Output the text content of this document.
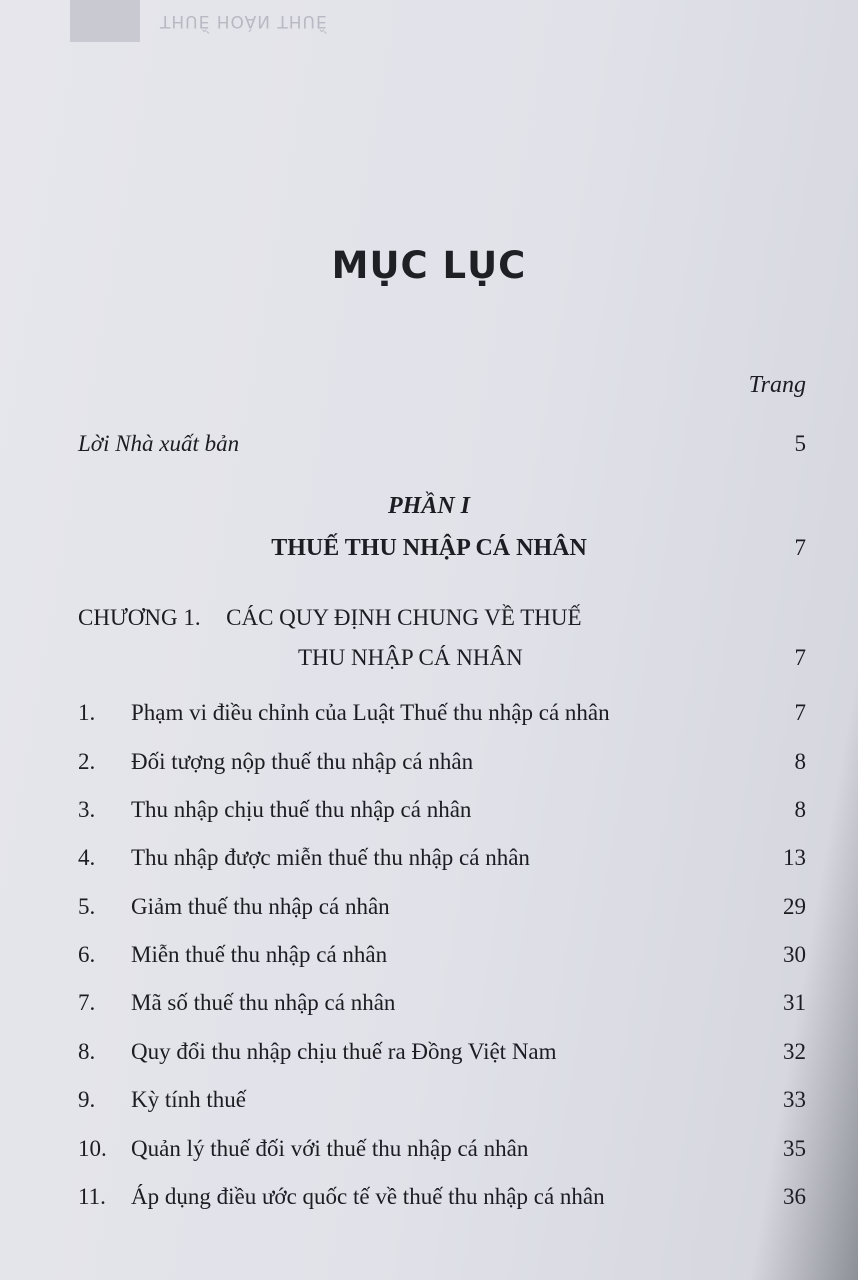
THUẾ HOÀN THUẾ
MỤC LỤC
Trang
Lời Nhà xuất bản	5
PHẦN I
THUẾ THU NHẬP CÁ NHÂN	7
CHƯƠNG 1. CÁC QUY ĐỊNH CHUNG VỀ THUẾ
THU NHẬP CÁ NHÂN	7
1.	Phạm vi điều chỉnh của Luật Thuế thu nhập cá nhân	7
2.	Đối tượng nộp thuế thu nhập cá nhân	8
3.	Thu nhập chịu thuế thu nhập cá nhân	8
4.	Thu nhập được miễn thuế thu nhập cá nhân	13
5.	Giảm thuế thu nhập cá nhân	29
6.	Miễn thuế thu nhập cá nhân	30
7.	Mã số thuế thu nhập cá nhân	31
8.	Quy đổi thu nhập chịu thuế ra Đồng Việt Nam	32
9.	Kỳ tính thuế	33
10.	Quản lý thuế đối với thuế thu nhập cá nhân	35
11.	Áp dụng điều ước quốc tế về thuế thu nhập cá nhân	36
